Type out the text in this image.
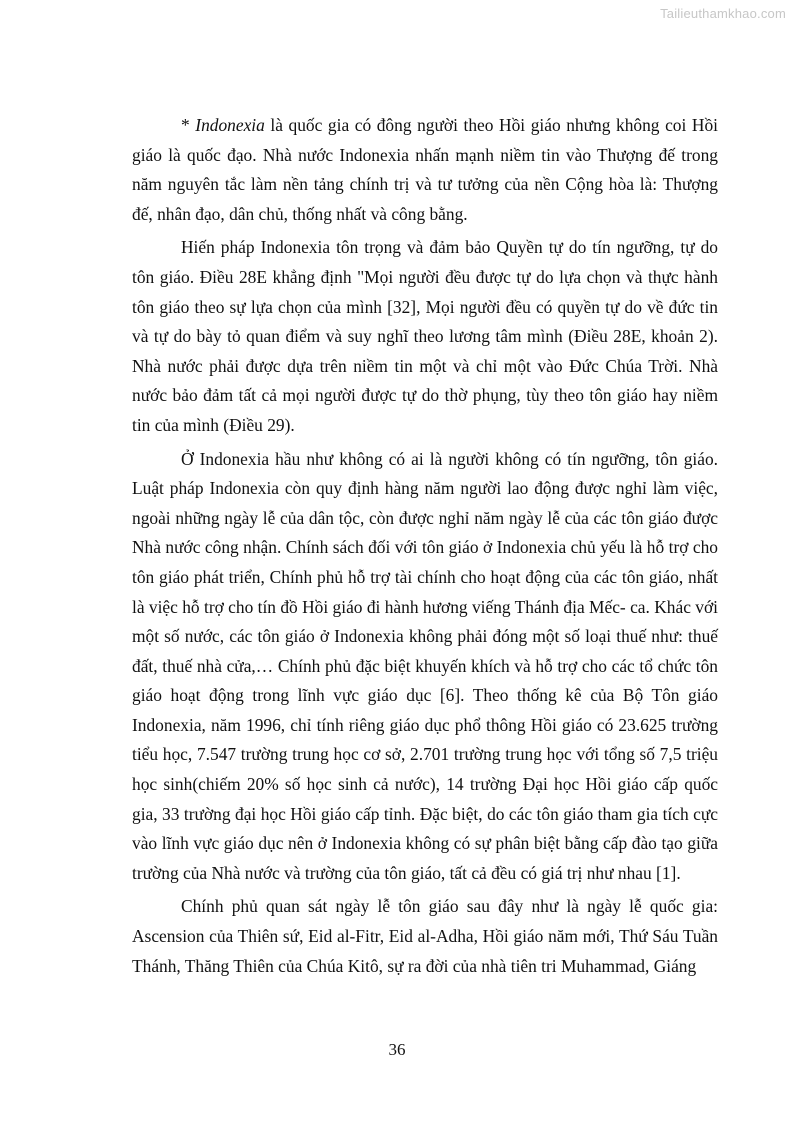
Tailieuthamkhao.com

* Indonexia là quốc gia có đông người theo Hồi giáo nhưng không coi Hồi giáo là quốc đạo. Nhà nước Indonexia nhấn mạnh niềm tin vào Thượng đế trong năm nguyên tắc làm nền tảng chính trị và tư tưởng của nền Cộng hòa là: Thượng đế, nhân đạo, dân chủ, thống nhất và công bằng.

Hiến pháp Indonexia tôn trọng và đảm bảo Quyền tự do tín ngưỡng, tự do tôn giáo. Điều 28E khẳng định "Mọi người đều được tự do lựa chọn và thực hành tôn giáo theo sự lựa chọn của mình [32], Mọi người đều có quyền tự do về đức tin và tự do bày tỏ quan điểm và suy nghĩ theo lương tâm mình (Điều 28E, khoản 2). Nhà nước phải được dựa trên niềm tin một và chỉ một vào Đức Chúa Trời. Nhà nước bảo đảm tất cả mọi người được tự do thờ phụng, tùy theo tôn giáo hay niềm tin của mình (Điều 29).

Ở Indonexia hầu như không có ai là người không có tín ngưỡng, tôn giáo. Luật pháp Indonexia còn quy định hàng năm người lao động được nghỉ làm việc, ngoài những ngày lễ của dân tộc, còn được nghỉ năm ngày lễ của các tôn giáo được Nhà nước công nhận. Chính sách đối với tôn giáo ở Indonexia chủ yếu là hỗ trợ cho tôn giáo phát triển, Chính phủ hỗ trợ tài chính cho hoạt động của các tôn giáo, nhất là việc hỗ trợ cho tín đồ Hồi giáo đi hành hương viếng Thánh địa Mếc- ca. Khác với một số nước, các tôn giáo ở Indonexia không phải đóng một số loại thuế như: thuế đất, thuế nhà cửa,… Chính phủ đặc biệt khuyến khích và hỗ trợ cho các tổ chức tôn giáo hoạt động trong lĩnh vực giáo dục [6]. Theo thống kê của Bộ Tôn giáo Indonexia, năm 1996, chỉ tính riêng giáo dục phổ thông Hồi giáo có 23.625 trường tiểu học, 7.547 trường trung học cơ sở, 2.701 trường trung học với tổng số 7,5 triệu học sinh(chiếm 20% số học sinh cả nước), 14 trường Đại học Hồi giáo cấp quốc gia, 33 trường đại học Hồi giáo cấp tỉnh. Đặc biệt, do các tôn giáo tham gia tích cực vào lĩnh vực giáo dục nên ở Indonexia không có sự phân biệt bằng cấp đào tạo giữa trường của Nhà nước và trường của tôn giáo, tất cả đều có giá trị như nhau [1].

Chính phủ quan sát ngày lễ tôn giáo sau đây như là ngày lễ quốc gia: Ascension của Thiên sứ, Eid al-Fitr, Eid al-Adha, Hồi giáo năm mới, Thứ Sáu Tuần Thánh, Thăng Thiên của Chúa Kitô, sự ra đời của nhà tiên tri Muhammad, Giáng

36
